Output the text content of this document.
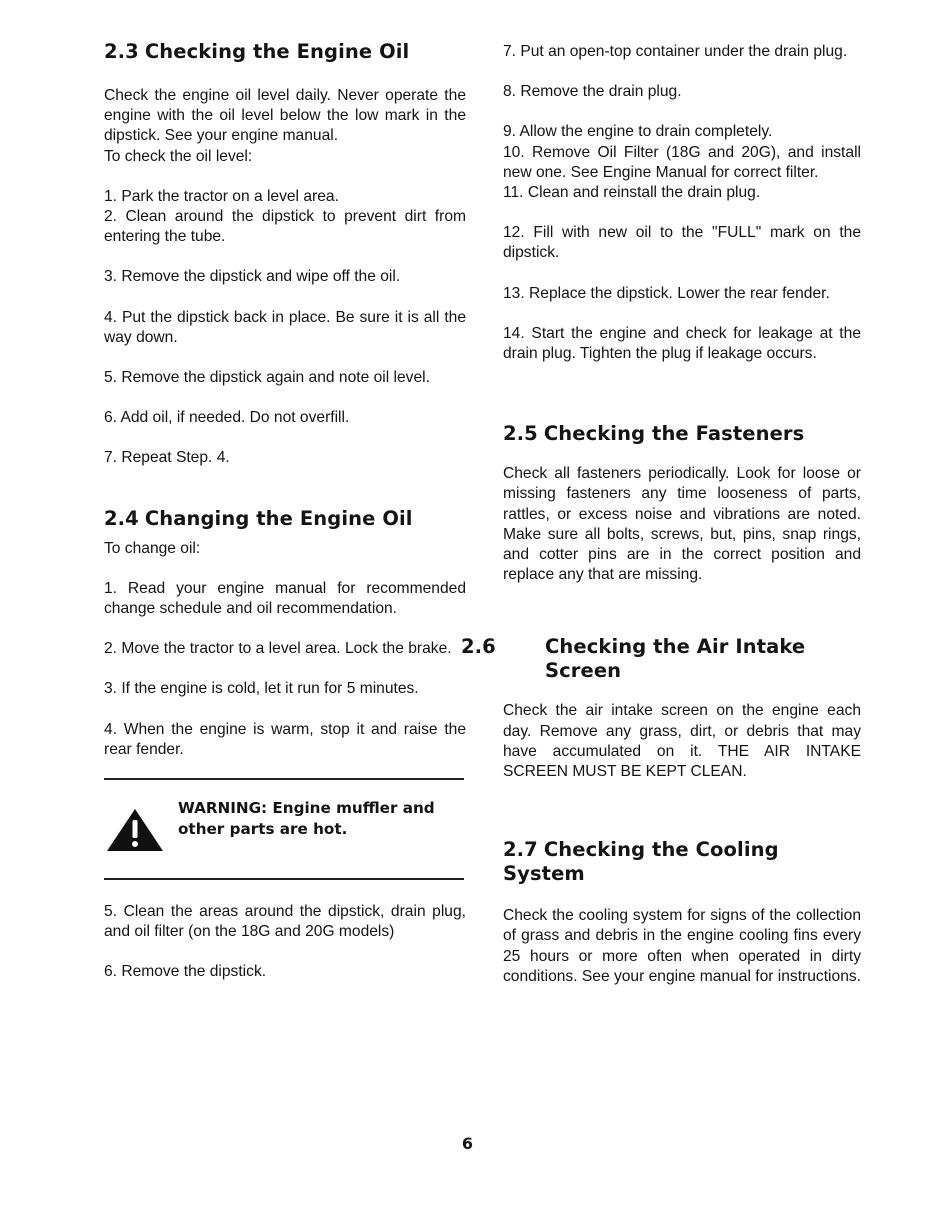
2.3 Checking the Engine Oil

Check the engine oil level daily. Never operate the engine with the oil level below the low mark in the dipstick. See your engine manual.

To check the oil level:

1. Park the tractor on a level area.

2. Clean around the dipstick to prevent dirt from entering the tube.

3. Remove the dipstick and wipe off the oil.

4. Put the dipstick back in place. Be sure it is all the way down.

5. Remove the dipstick again and note oil level.

6. Add oil, if needed. Do not overfill.

7. Repeat Step. 4.

2.4 Changing the Engine Oil

To change oil:

1. Read your engine manual for recommended change schedule and oil recommendation.

2. Move the tractor to a level area. Lock the brake.

3. If the engine is cold, let it run for 5 minutes.

4. When the engine is warm, stop it and raise the rear fender.

WARNING: Engine muffler and other parts are hot.

5. Clean the areas around the dipstick, drain plug, and oil filter (on the 18G and 20G models)

6. Remove the dipstick.

7. Put an open-top container under the drain plug.

8. Remove the drain plug.

9. Allow the engine to drain completely.

10. Remove Oil Filter (18G and 20G), and install new one. See Engine Manual for correct filter.

11. Clean and reinstall the drain plug.

12. Fill with new oil to the "FULL" mark on the dipstick.

13. Replace the dipstick. Lower the rear fender.

14. Start the engine and check for leakage at the drain plug. Tighten the plug if leakage occurs.

2.5 Checking the Fasteners

Check all fasteners periodically. Look for loose or missing fasteners any time looseness of parts, rattles, or excess noise and vibrations are noted. Make sure all bolts, screws, but, pins, snap rings, and cotter pins are in the correct position and replace any that are missing.

2.6	Checking the Air Intake Screen

Check the air intake screen on the engine each day. Remove any grass, dirt, or debris that may have accumulated on it. THE AIR INTAKE SCREEN MUST BE KEPT CLEAN.

2.7 Checking the Cooling System

Check the cooling system for signs of the collection of grass and debris in the engine cooling fins every 25 hours or more often when operated in dirty conditions. See your engine manual for instructions.

6
